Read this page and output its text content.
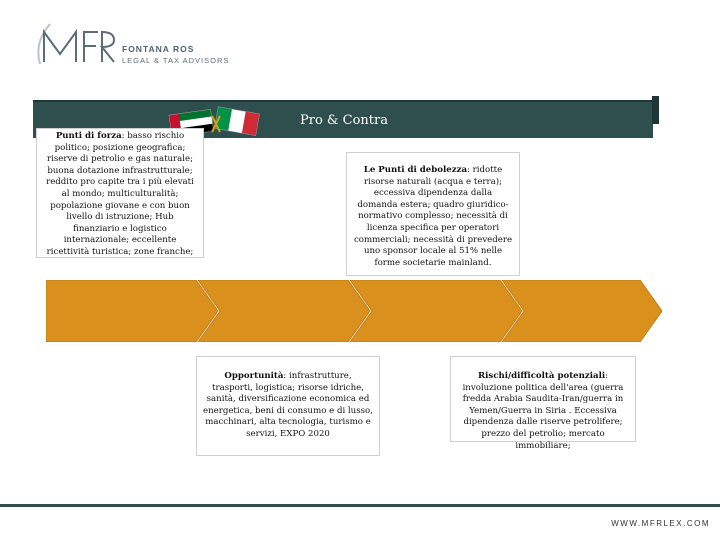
FONTANA ROS
LEGAL & TAX ADVISORS
Pro & Contra
Punti di forza: basso rischio politico; posizione geografica; riserve di petrolio e gas naturale; buona dotazione infrastrutturale; reddito pro capite tra i più elevati al mondo; multiculturalità; popolazione giovane e con buon livello di istruzione; Hub finanziario e logistico internazionale; eccellente ricettività turistica; zone franche;
Le Punti di debolezza: ridotte risorse naturali (acqua e terra); eccessiva dipendenza dalla domanda estera; quadro giuridico-normativo complesso; necessità di licenza specifica per operatori commerciali; necessità di prevedere uno sponsor locale al 51% nelle forme societarie mainland.
Opportunità: infrastrutture, trasporti, logistica; risorse idriche, sanità, diversificazione economica ed energetica, beni di consumo e di lusso, macchinari, alta tecnologia, turismo e servizi, EXPO 2020
Rischi/difficoltà potenziali: involuzione politica dell'area (guerra fredda Arabia Saudita-Iran/guerra in Yemen/Guerra in Siria . Eccessiva dipendenza dalle riserve petrolifere; prezzo del petrolio; mercato immobiliare;
WWW.MFRLEX.COM
